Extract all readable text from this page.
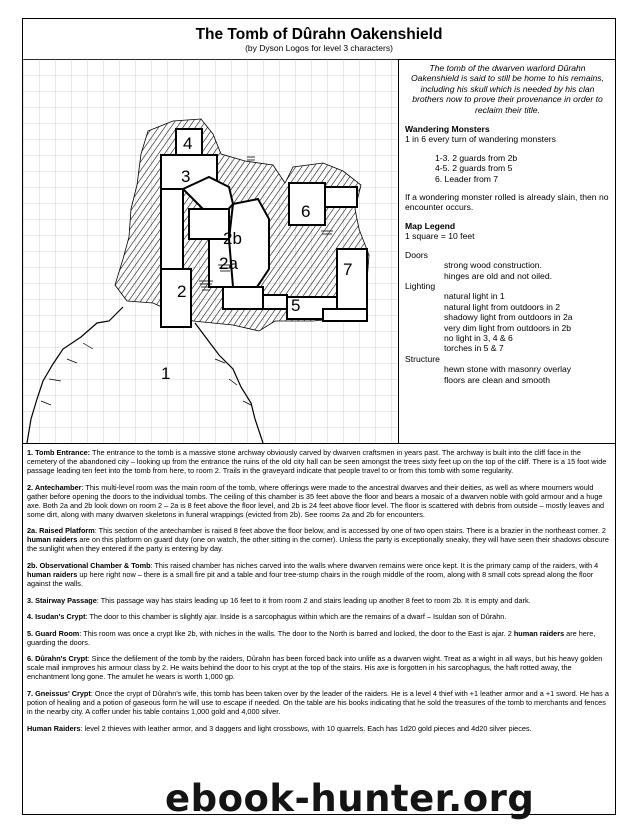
The Tomb of Dûrahn Oakenshield
(by Dyson Logos for level 3 characters)
1
2
2a
2b
3
4
5
6
7
The tomb of the dwarven warlord Dûrahn Oakenshield is said to still be home to his remains, including his skull which is needed by his clan brothers now to prove their provenance in order to reclaim their title.
Wandering Monsters
1 in 6 every turn of wandering monsters
1-3. 2 guards from 2b
4-5. 2 guards from 5
6. Leader from 7
If a wondering monster rolled is already slain, then no encounter occurs.
Map Legend
1 square = 10 feet
Doors
strong wood construction.
hinges are old and not oiled.
Lighting
natural light in 1
natural light from outdoors in 2
shadowy light from outdoors in 2a
very dim light from outdoors in 2b
no light in 3, 4 & 6
torches in 5 & 7
Structure
hewn stone with masonry overlay
floors are clean and smooth

1. Tomb Entrance: The entrance to the tomb is a massive stone archway obviously carved by dwarven craftsmen in years past. The archway is built into the cliff face in the cemetery of the abandoned city – looking up from the entrance the ruins of the old city hall can be seen amongst the trees sixty feet up on the top of the cliff. There is a 15 foot wide passage leading ten feet into the tomb from here, to room 2. Trails in the graveyard indicate that people travel to or from this tomb with some regularity.

2. Antechamber: This multi-level room was the main room of the tomb, where offerings were made to the ancestral dwarves and their deities, as well as where mourners would gather before opening the doors to the individual tombs. The ceiling of this chamber is 35 feet above the floor and bears a mosaic of a dwarven noble with gold armour and a huge axe. Both 2a and 2b look down on room 2 – 2a is 8 feet above the floor level, and 2b is 24 feet above floor level. The floor is scattered with debris from outside – mostly leaves and some dirt, along with many dwarven skeletons in funeral wrappings (evicted from 2b). See rooms 2a and 2b for encounters.

2a. Raised Platform: This section of the antechamber is raised 8 feet above the floor below, and is accessed by one of two open stairs. There is a brazier in the northeast corner. 2 human raiders are on this platform on guard duty (one on watch, the other sitting in the corner). Unless the party is exceptionally sneaky, they will have seen their shadows obscure the sunlight when they entered if the party is entering by day.

2b. Observational Chamber & Tomb: This raised chamber has niches carved into the walls where dwarven remains were once kept. It is the primary camp of the raiders, with 4 human raiders up here right now – there is a small fire pit and a table and four tree-stump chairs in the rough middle of the room, along with 8 small cots spread along the floor against the walls.

3. Stairway Passage: This passage way has stairs leading up 16 feet to it from room 2 and stairs leading up another 8 feet to room 2b. It is empty and dark.

4. Isudan's Crypt: The door to this chamber is slightly ajar. Inside is a sarcophagus within which are the remains of a dwarf – Isuldan son of Dûrahn.

5. Guard Room: This room was once a crypt like 2b, with niches in the walls. The door to the North is barred and locked, the door to the East is ajar. 2 human raiders are here, guarding the doors.

6. Dûrahn's Crypt: Since the defilement of the tomb by the raiders, Dûrahn has been forced back into unlife as a dwarven wight. Treat as a wight in all ways, but his heavy golden scale mail inmproves his armour class by 2. He waits behind the door to his crypt at the top of the stairs. His axe is forgotten in his sarcophagus, the haft rotted away, the enchantment long gone. The amulet he wears is worth 1,000 gp.

7. Gneissus' Crypt: Once the crypt of Dûrahn's wife, this tomb has been taken over by the leader of the raiders. He is a level 4 thief with +1 leather armor and a +1 sword. He has a potion of healing and a potion of gaseous form he will use to escape if needed. On the table are his books indicating that he sold the treasures of the tomb to merchants and fences in the nearby city. A coffer under his table contains 1,000 gold and 4,000 silver.

Human Raiders: level 2 thieves with leather armor, and 3 daggers and light crossbows, with 10 quarrels. Each has 1d20 gold pieces and 4d20 silver pieces.

ebook-hunter.org
